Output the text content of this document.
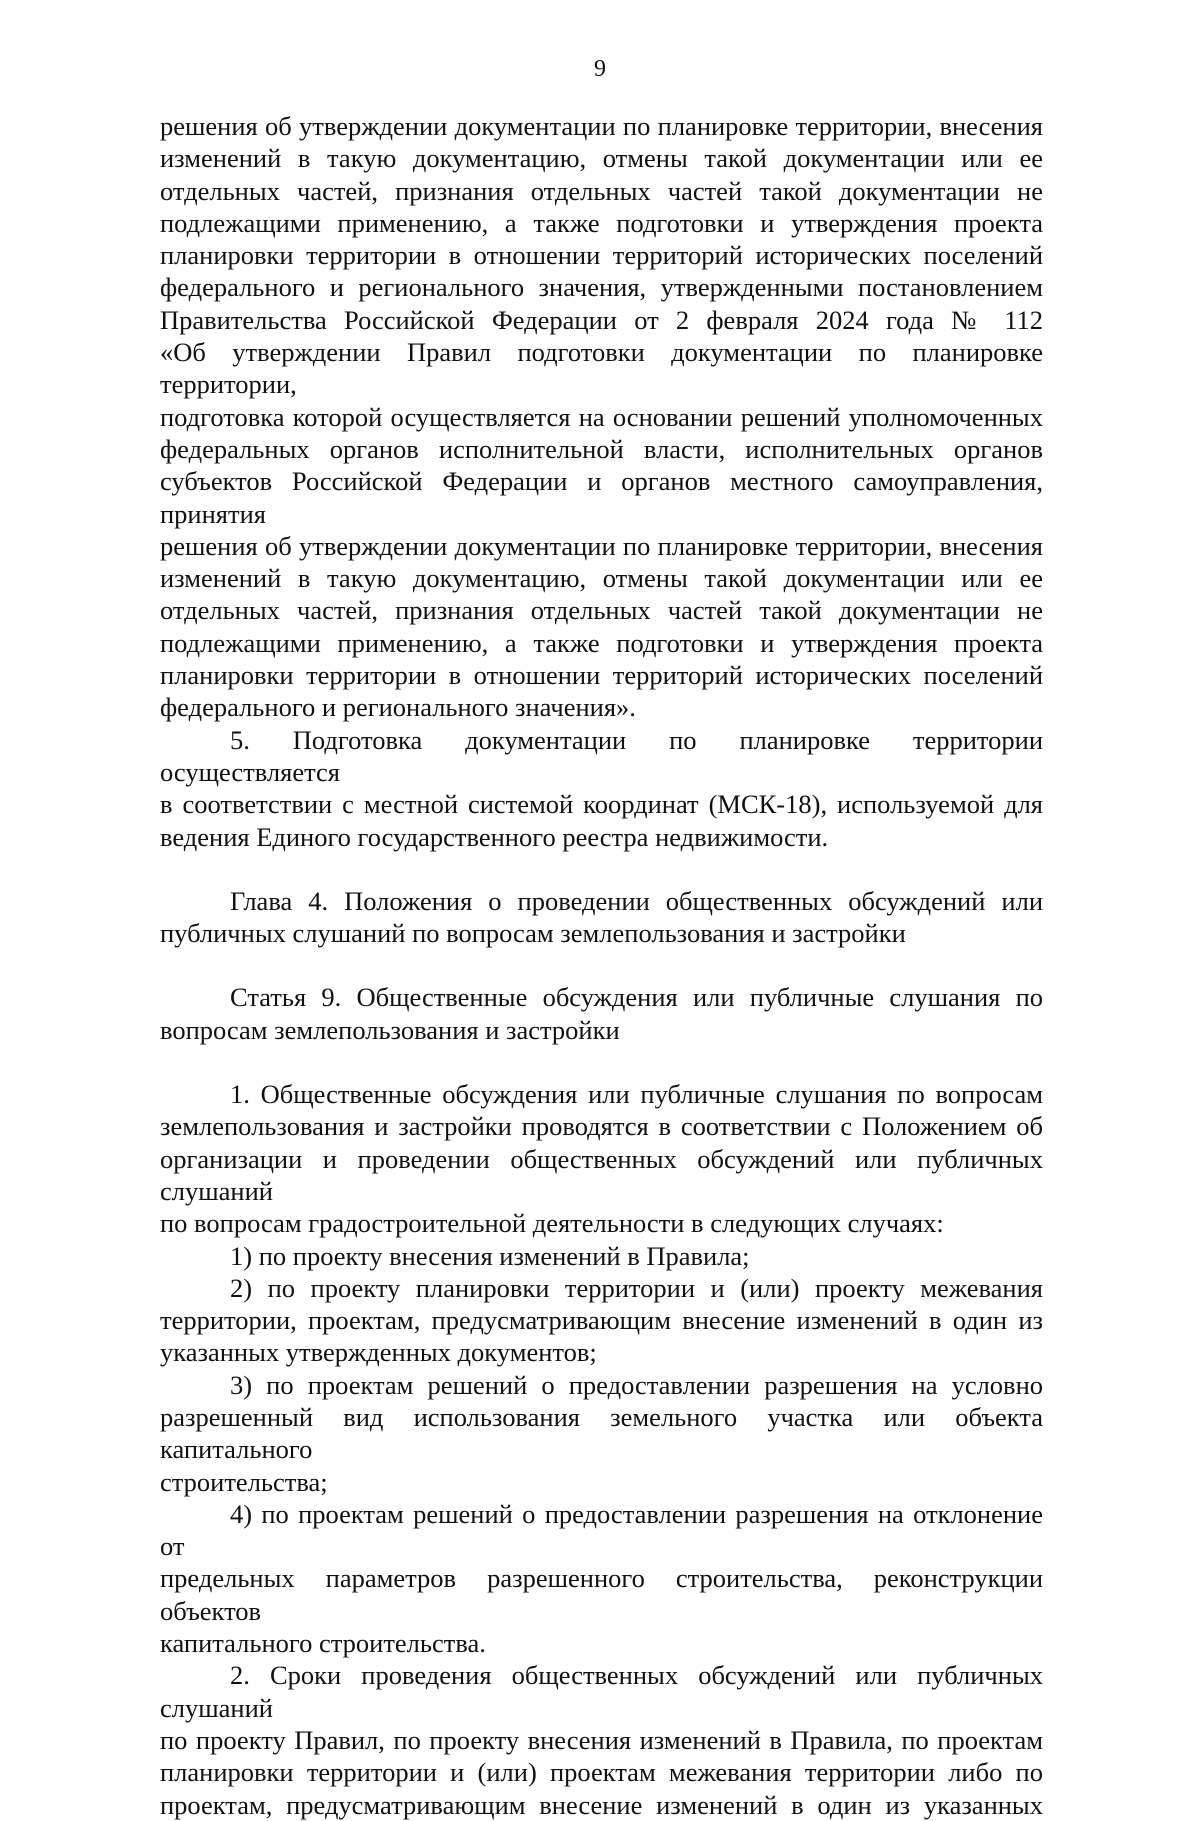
9

решения об утверждении документации по планировке территории, внесения

изменений в такую документацию, отмены такой документации или ее

отдельных частей, признания отдельных частей такой документации не

подлежащими применению, а также подготовки и утверждения проекта

планировки территории в отношении территорий исторических поселений

федерального и регионального значения, утвержденными постановлением

Правительства Российской Федерации от 2 февраля 2024 года № 112

«Об утверждении Правил подготовки документации по планировке территории,

подготовка которой осуществляется на основании решений уполномоченных

федеральных органов исполнительной власти, исполнительных органов

субъектов Российской Федерации и органов местного самоуправления, принятия

решения об утверждении документации по планировке территории, внесения

изменений в такую документацию, отмены такой документации или ее

отдельных частей, признания отдельных частей такой документации не

подлежащими применению, а также подготовки и утверждения проекта

планировки территории в отношении территорий исторических поселений

федерального и регионального значения».

5. Подготовка документации по планировке территории осуществляется

в соответствии с местной системой координат (МСК-18), используемой для

ведения Единого государственного реестра недвижимости.

Глава 4. Положения о проведении общественных обсуждений или

публичных слушаний по вопросам землепользования и застройки

Статья 9. Общественные обсуждения или публичные слушания по

вопросам землепользования и застройки

1. Общественные обсуждения или публичные слушания по вопросам

землепользования и застройки проводятся в соответствии с Положением об

организации и проведении общественных обсуждений или публичных слушаний

по вопросам градостроительной деятельности в следующих случаях:

1) по проекту внесения изменений в Правила;

2) по проекту планировки территории и (или) проекту межевания

территории, проектам, предусматривающим внесение изменений в один из

указанных утвержденных документов;

3) по проектам решений о предоставлении разрешения на условно

разрешенный вид использования земельного участка или объекта капитального

строительства;

4) по проектам решений о предоставлении разрешения на отклонение от

предельных параметров разрешенного строительства, реконструкции объектов

капитального строительства.

2. Сроки проведения общественных обсуждений или публичных слушаний

по проекту Правил, по проекту внесения изменений в Правила, по проектам

планировки территории и (или) проектам межевания территории либо по

проектам, предусматривающим внесение изменений в один из указанных
